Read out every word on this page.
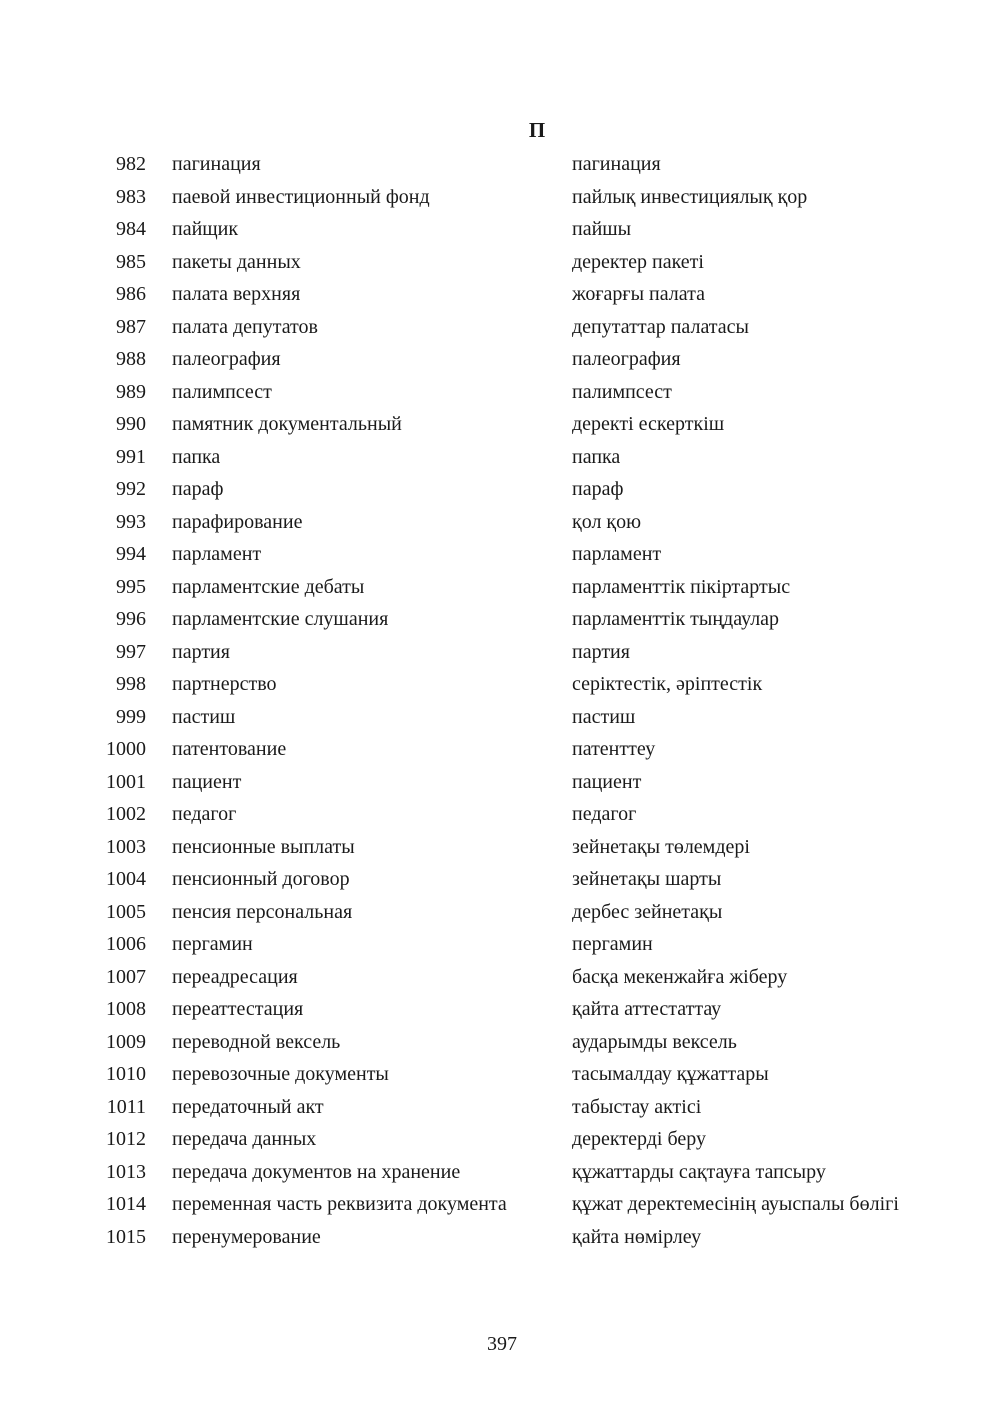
П
982 пагинация	пагинация
983 паевой инвестиционный фонд	пайлық инвестициялық қор
984 пайщик	пайшы
985 пакеты данных	деректер пакеті
986 палата верхняя	жоғарғы палата
987 палата депутатов	депутаттар палатасы
988 палеография	палеография
989 палимпсест	палимпсест
990 памятник документальный	деректі ескерткіш
991 папка	папка
992 параф	параф
993 парафирование	қол қою
994 парламент	парламент
995 парламентские дебаты	парламенттік пікіртартыс
996 парламентские слушания	парламенттік тыңдаулар
997 партия	партия
998 партнерство	серіктестік, әріптестік
999 пастиш	пастиш
1000 патентование	патенттеу
1001 пациент	пациент
1002 педагог	педагог
1003 пенсионные выплаты	зейнетақы төлемдері
1004 пенсионный договор	зейнетақы шарты
1005 пенсия персональная	дербес зейнетақы
1006 пергамин	пергамин
1007 переадресация	басқа мекенжайға жіберу
1008 переаттестация	қайта аттестаттау
1009 переводной вексель	аударымды вексель
1010 перевозочные документы	тасымалдау құжаттары
1011 передаточный акт	табыстау актісі
1012 передача данных	деректерді беру
1013 передача документов на хранение	құжаттарды сақтауға тапсыру
1014 переменная часть реквизита документа	құжат деректемесінің ауыспалы бөлігі
1015 перенумерование	қайта нөмірлеу
397
